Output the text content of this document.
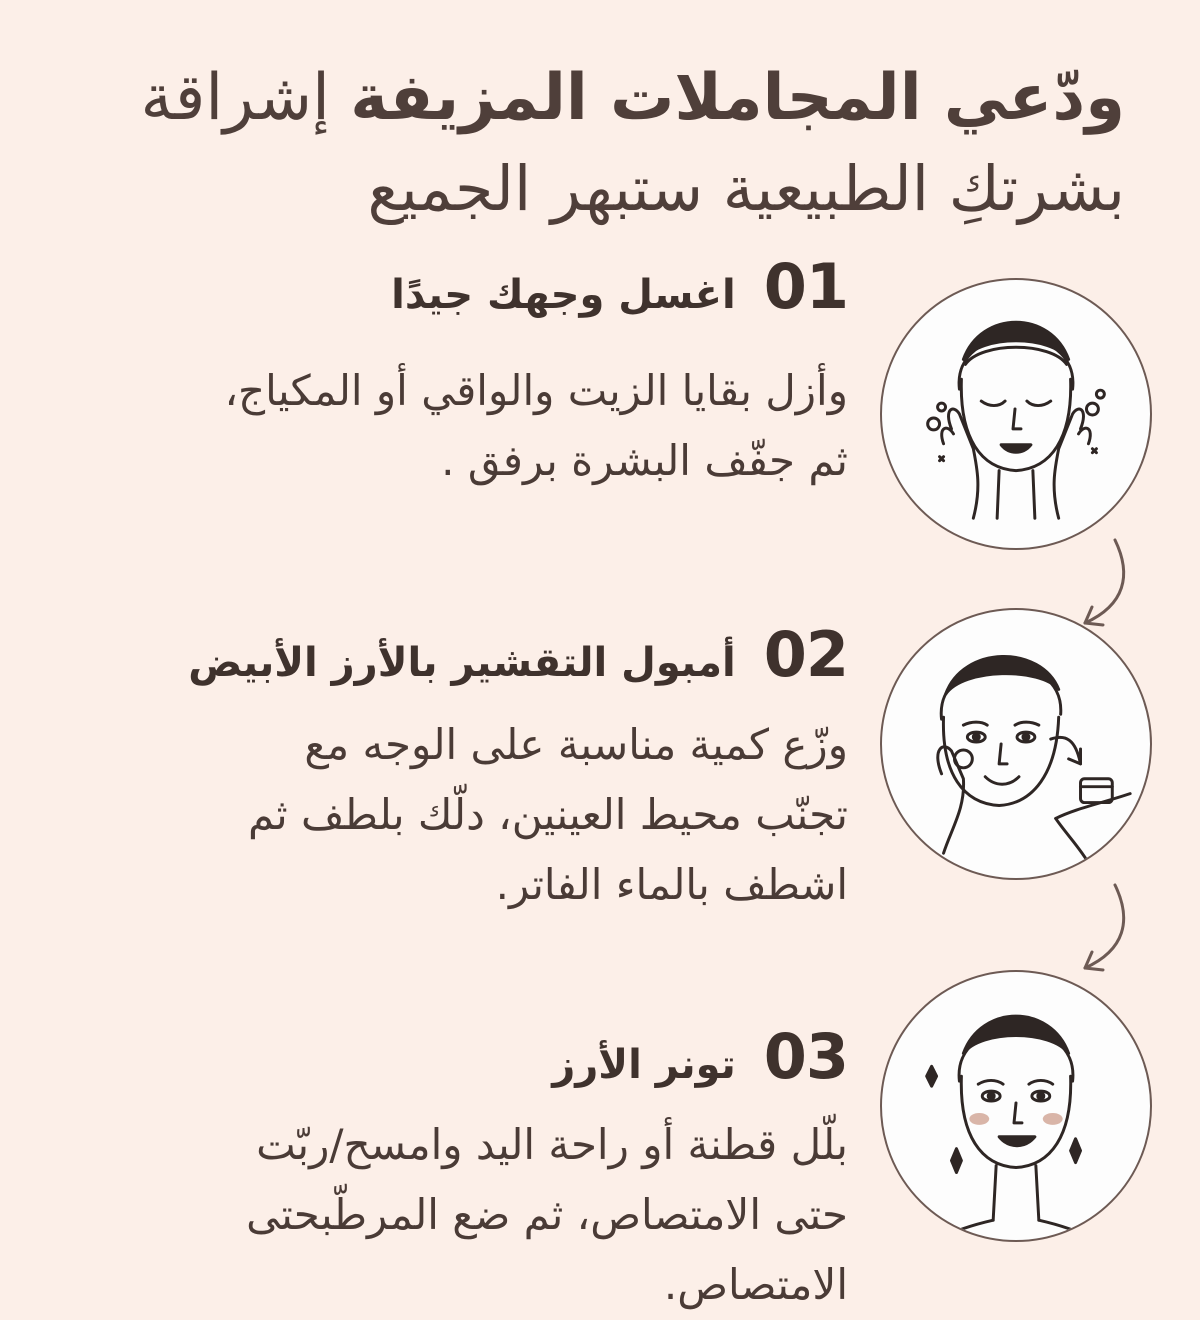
ودّعي المجاملات المزيفة إشراقة
بشرتكِ الطبيعية ستبهر الجميع
01
اغسل وجهك جيدًا
وأزل بقايا الزيت والواقي أو المكياج،
ثم جفّف البشرة برفق .
02
أمبول التقشير بالأرز الأبيض
وزّع كمية مناسبة على الوجه مع
تجنّب محيط العينين، دلّك بلطف ثم
اشطف بالماء الفاتر.
03
تونر الأرز
بلّل قطنة أو راحة اليد وامسح/ربّت
حتى الامتصاص، ثم ضع المرطّبحتى
الامتصاص.
